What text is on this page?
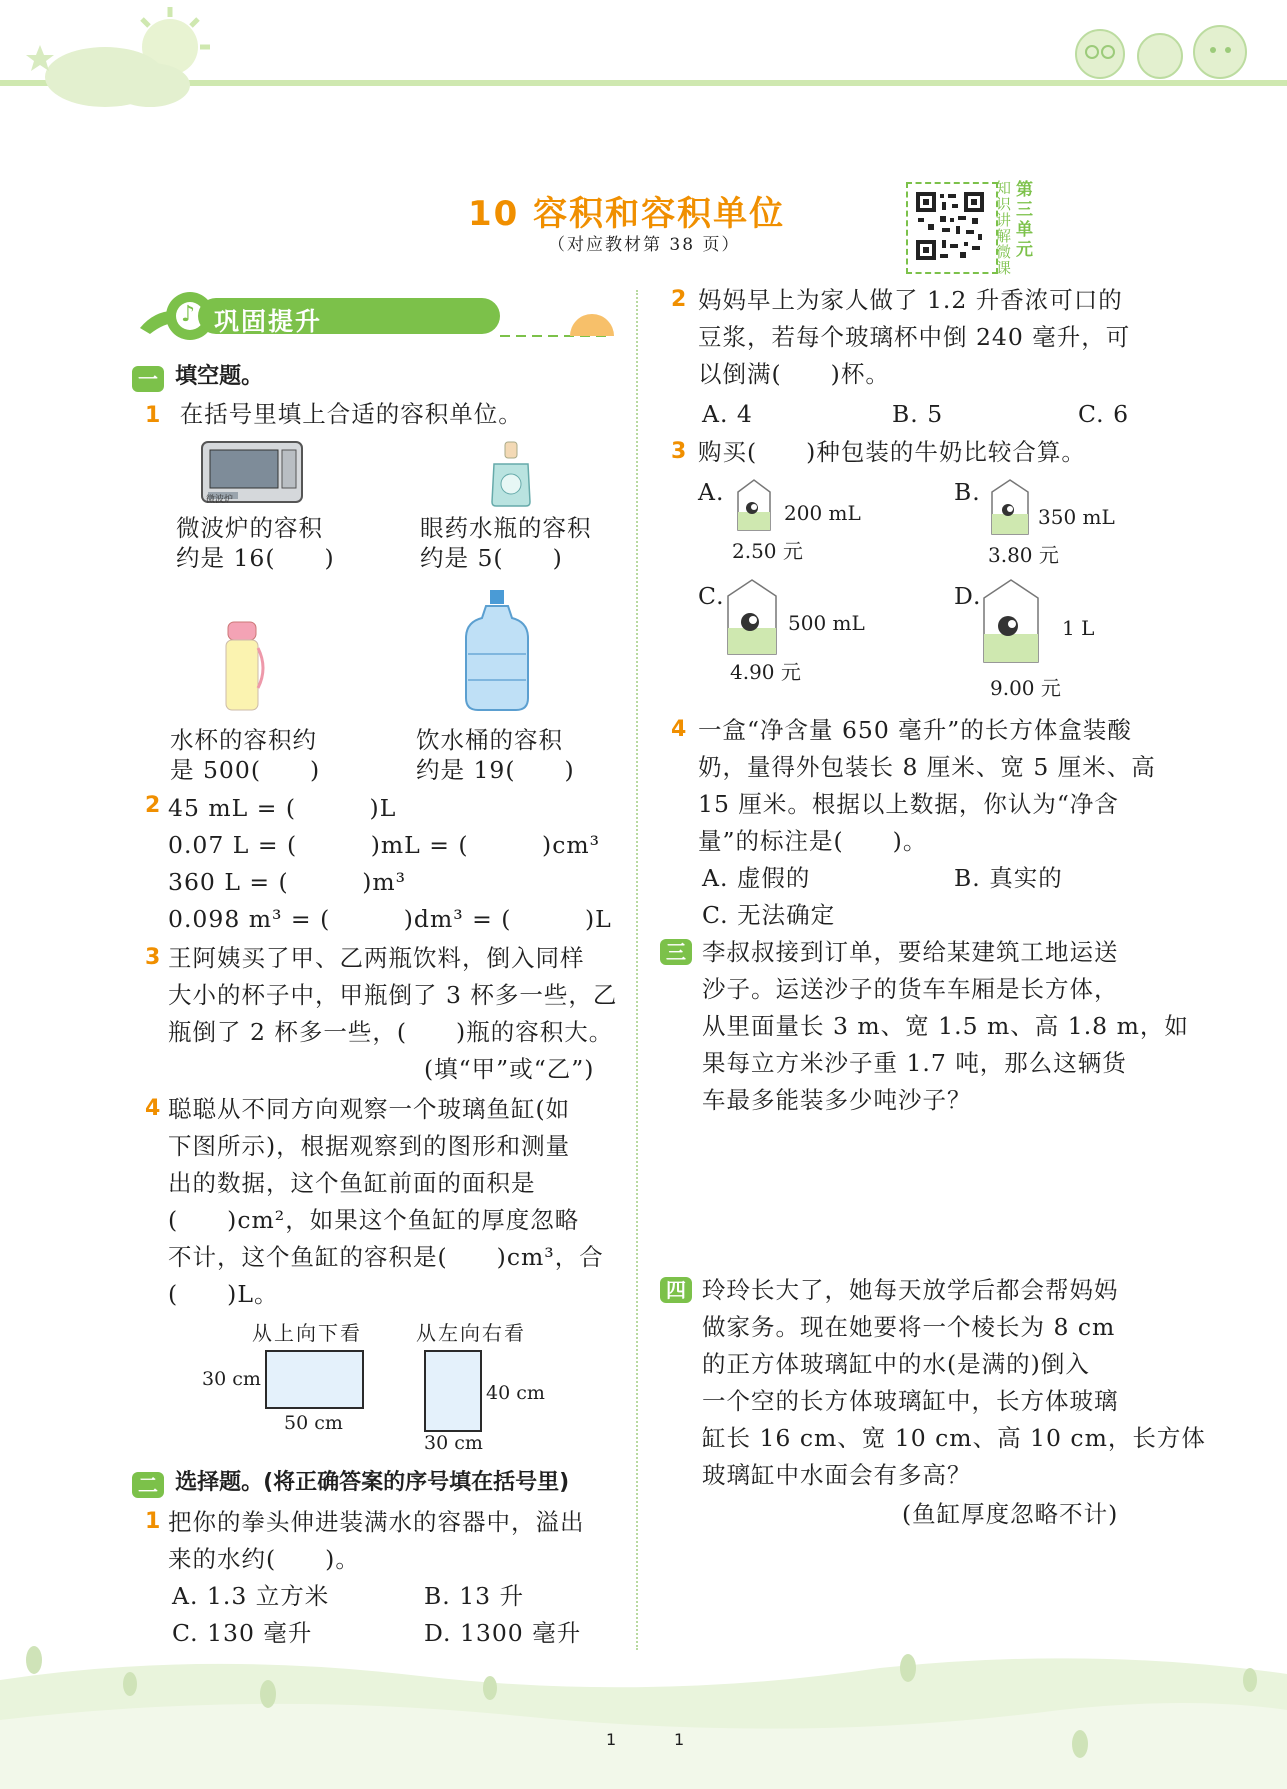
10 容积和容积单位
（对应教材第 38 页）
知识讲解微课
第三单元
巩固提升
♪
一 填空题。
1 在括号里填上合适的容积单位。
微波炉
微波炉的容积
约是 16(　　)
眼药水瓶的容积
约是 5(　　)
水杯的容积约
是 500(　　)
饮水桶的容积
约是 19(　　)
2 45 mL = (　　　)L
0.07 L = (　　　)mL = (　　　)cm³
360 L = (　　　)m³
0.098 m³ = (　　　)dm³ = (　　　)L
3 王阿姨买了甲、乙两瓶饮料，倒入同样
大小的杯子中，甲瓶倒了 3 杯多一些，乙
瓶倒了 2 杯多一些，(　　)瓶的容积大。
(填“甲”或“乙”)
4 聪聪从不同方向观察一个玻璃鱼缸(如
下图所示)，根据观察到的图形和测量
出的数据，这个鱼缸前面的面积是
(　　)cm²，如果这个鱼缸的厚度忽略
不计，这个鱼缸的容积是(　　)cm³，合
(　　)L。
从上向下看	从左向右看
30 cm
50 cm
40 cm
30 cm
二 选择题。(将正确答案的序号填在括号里)
1 把你的拳头伸进装满水的容器中，溢出
来的水约(　　)。
A. 1.3 立方米	B. 13 升
C. 130 毫升	D. 1300 毫升
2 妈妈早上为家人做了 1.2 升香浓可口的
豆浆，若每个玻璃杯中倒 240 毫升，可
以倒满(　　)杯。
A. 4	B. 5	C. 6
3 购买(　　)种包装的牛奶比较合算。
A.
200 mL
2.50 元
B.
350 mL
3.80 元
C.
500 mL
4.90 元
D.
1 L
9.00 元
4 一盒“净含量 650 毫升”的长方体盒装酸
奶，量得外包装长 8 厘米、宽 5 厘米、高
15 厘米。根据以上数据，你认为“净含
量”的标注是(　　)。
A. 虚假的	B. 真实的
C. 无法确定
三 李叔叔接到订单，要给某建筑工地运送
沙子。运送沙子的货车车厢是长方体，
从里面量长 3 m、宽 1.5 m、高 1.8 m，如
果每立方米沙子重 1.7 吨，那么这辆货
车最多能装多少吨沙子？
四 玲玲长大了，她每天放学后都会帮妈妈
做家务。现在她要将一个棱长为 8 cm
的正方体玻璃缸中的水(是满的)倒入
一个空的长方体玻璃缸中，长方体玻璃
缸长 16 cm、宽 10 cm、高 10 cm，长方体
玻璃缸中水面会有多高？
(鱼缸厚度忽略不计)
1	1
